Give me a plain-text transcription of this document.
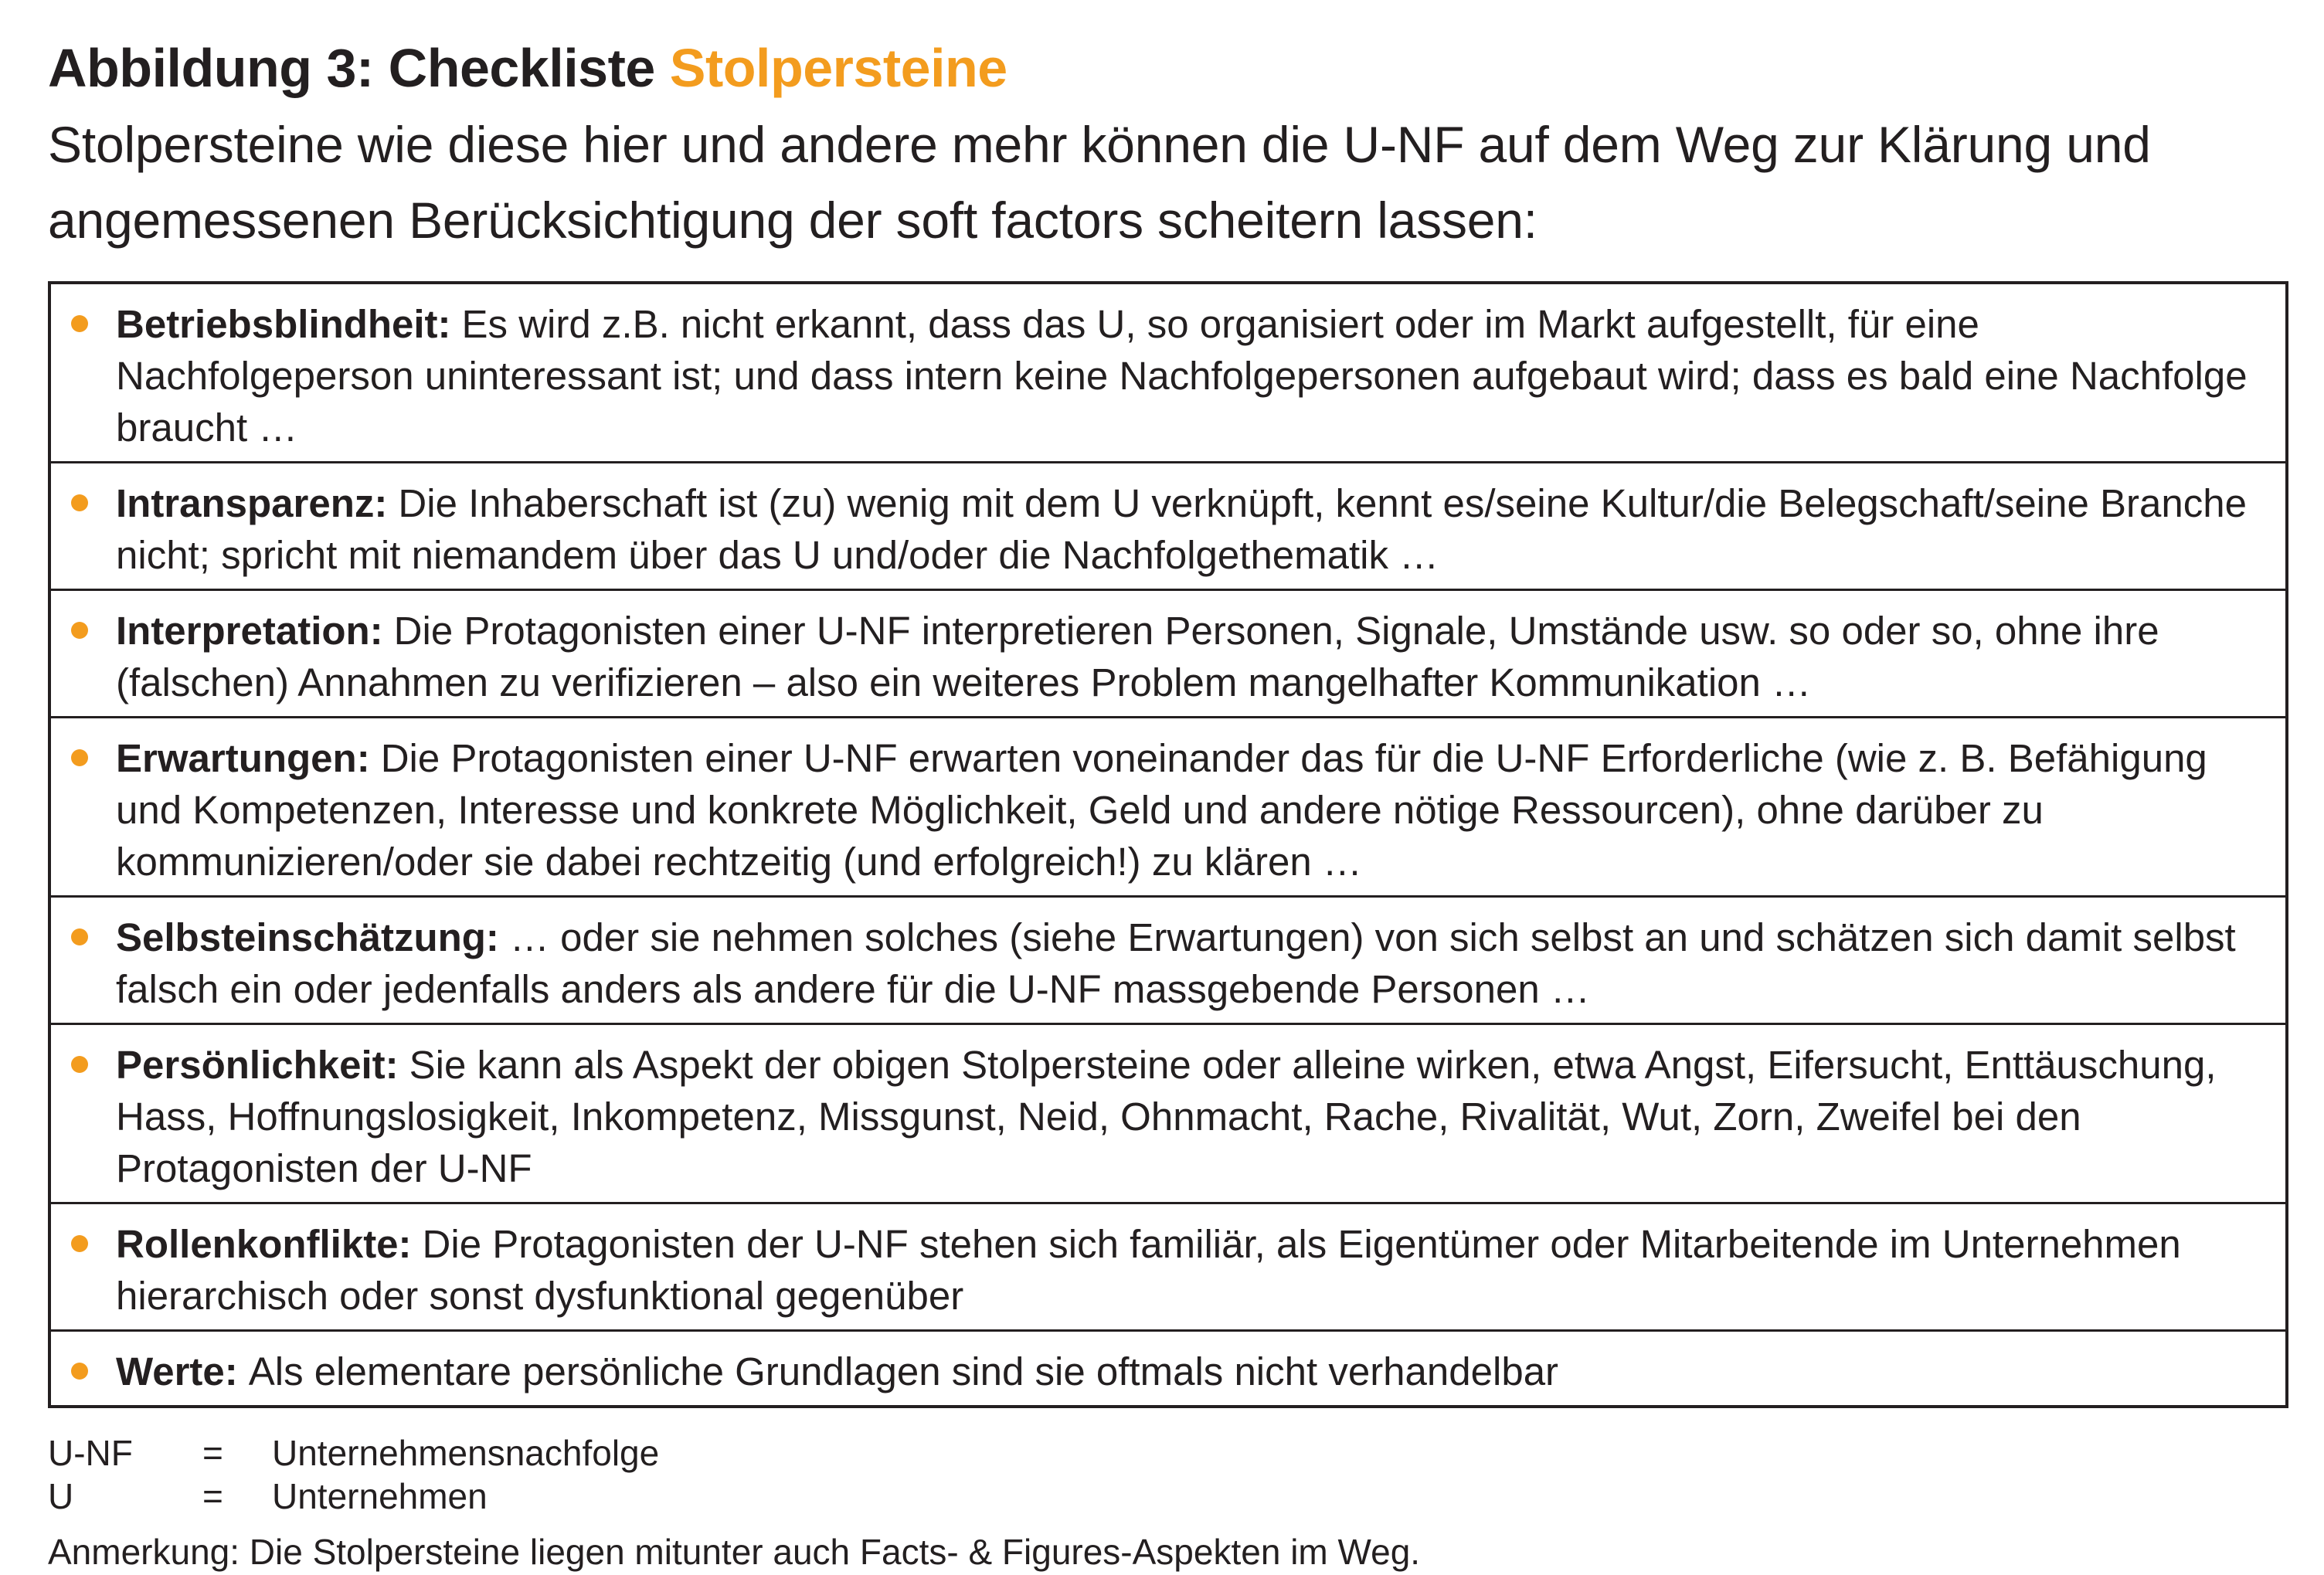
Abbildung 3: Checkliste Stolpersteine

Stolpersteine wie diese hier und andere mehr können die U-NF auf dem Weg zur Klärung und angemessenen Berücksichtigung der soft factors scheitern lassen:

Betriebsblindheit: Es wird z.B. nicht erkannt, dass das U, so organisiert oder im Markt aufgestellt, für eine Nachfolgeperson uninteressant ist; und dass intern keine Nachfolgepersonen aufgebaut wird; dass es bald eine Nachfolge braucht …
Intransparenz: Die Inhaberschaft ist (zu) wenig mit dem U verknüpft, kennt es/seine Kultur/die Belegschaft/seine Branche nicht; spricht mit niemandem über das U und/oder die Nachfolgethematik …
Interpretation: Die Protagonisten einer U-NF interpretieren Personen, Signale, Umstände usw. so oder so, ohne ihre (falschen) Annahmen zu verifizieren – also ein weiteres Problem mangelhafter Kommunikation …
Erwartungen: Die Protagonisten einer U-NF erwarten voneinander das für die U-NF Erforderliche (wie z. B. Befähigung und Kompetenzen, Interesse und konkrete Möglichkeit, Geld und andere nötige Ressourcen), ohne darüber zu kommunizieren/oder sie dabei rechtzeitig (und erfolgreich!) zu klären …
Selbsteinschätzung: … oder sie nehmen solches (siehe Erwartungen) von sich selbst an und schätzen sich damit selbst falsch ein oder jedenfalls anders als andere für die U-NF massgebende Personen …
Persönlichkeit: Sie kann als Aspekt der obigen Stolpersteine oder alleine wirken, etwa Angst, Eifersucht, Enttäuschung, Hass, Hoffnungslosigkeit, Inkompetenz, Missgunst, Neid, Ohnmacht, Rache, Rivalität, Wut, Zorn, Zweifel bei den Protagonisten der U-NF
Rollenkonflikte: Die Protagonisten der U-NF stehen sich familiär, als Eigentümer oder Mitarbeitende im Unternehmen hierarchisch oder sonst dysfunktional gegenüber
Werte: Als elementare persönliche Grundlagen sind sie oftmals nicht verhandelbar
U-NF	=	Unternehmensnachfolge
U	=	Unternehmen
Anmerkung: Die Stolpersteine liegen mitunter auch Facts- & Figures-Aspekten im Weg.
